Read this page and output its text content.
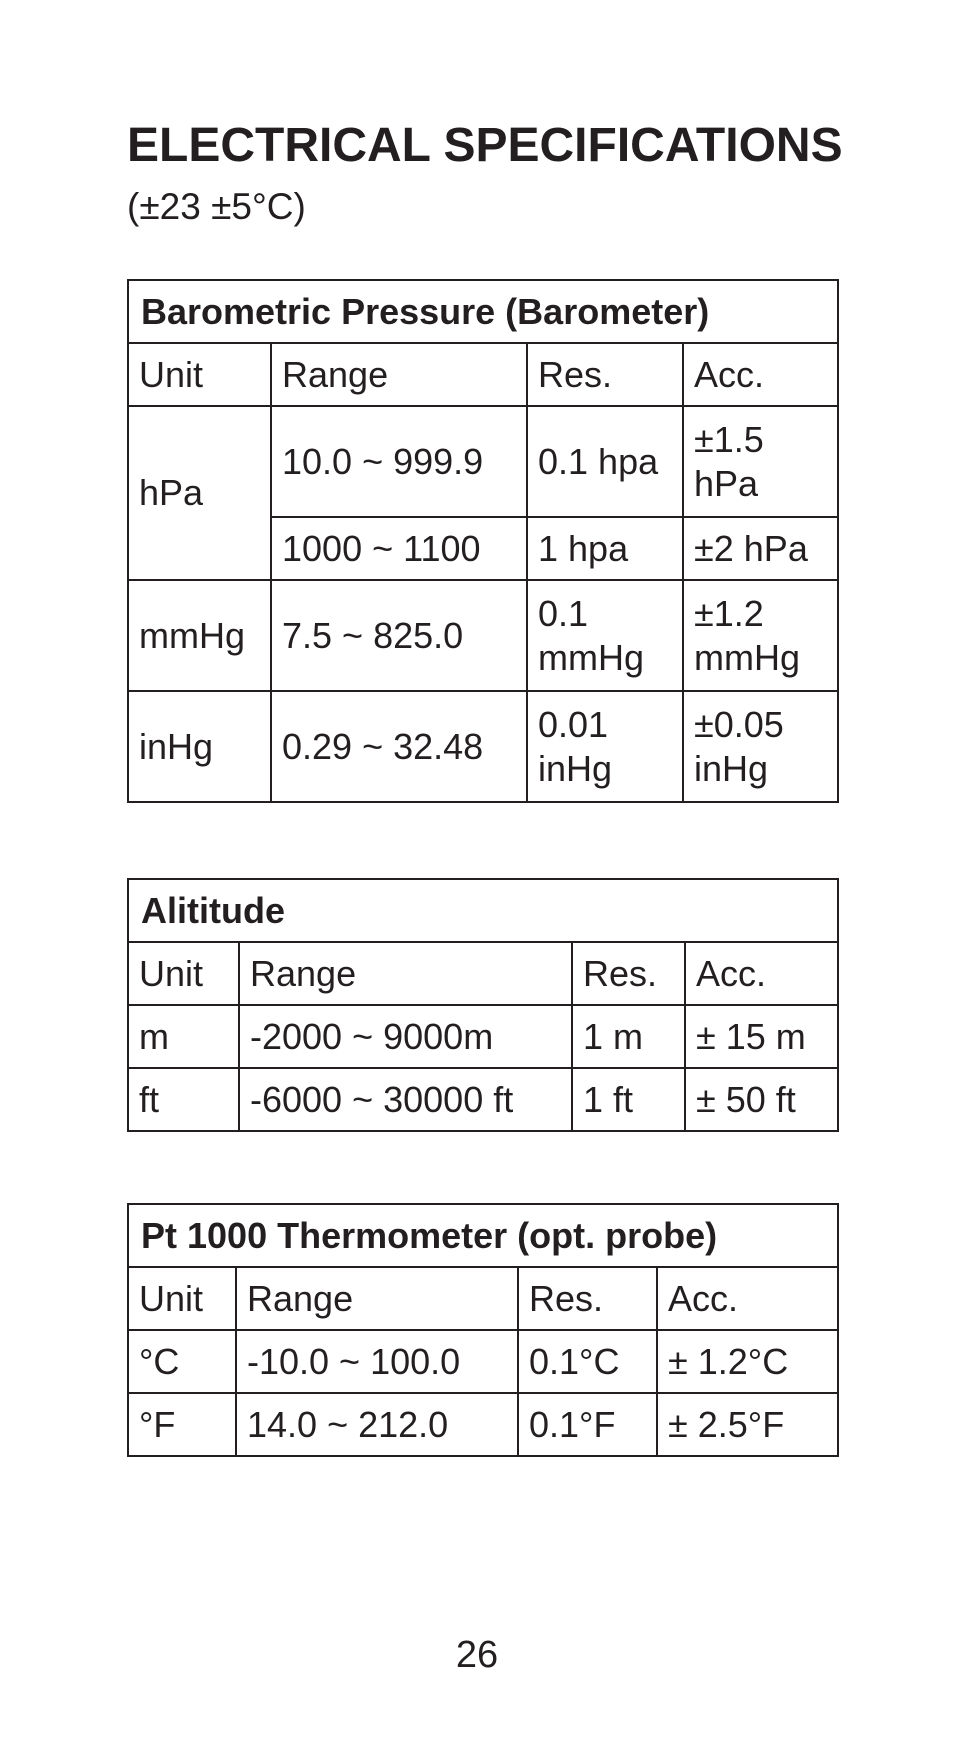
ELECTRICAL SPECIFICATIONS
(±23 ±5°C)
Barometric Pressure (Barometer)			
Unit	Range	Res.	Acc.
hPa	10.0 ~ 999.9	0.1 hpa	±1.5 hPa
	1000 ~ 1100	1 hpa	±2 hPa
mmHg	7.5 ~ 825.0	0.1 mmHg	±1.2 mmHg
inHg	0.29 ~ 32.48	0.01 inHg	±0.05 inHg
Alititude			
Unit	Range	Res.	Acc.
m	-2000 ~ 9000m	1 m	± 15 m
ft	-6000 ~ 30000 ft	1 ft	± 50 ft
Pt 1000 Thermometer (opt. probe)			
Unit	Range	Res.	Acc.
°C	-10.0 ~ 100.0	0.1°C	± 1.2°C
°F	14.0 ~ 212.0	0.1°F	± 2.5°F
26
